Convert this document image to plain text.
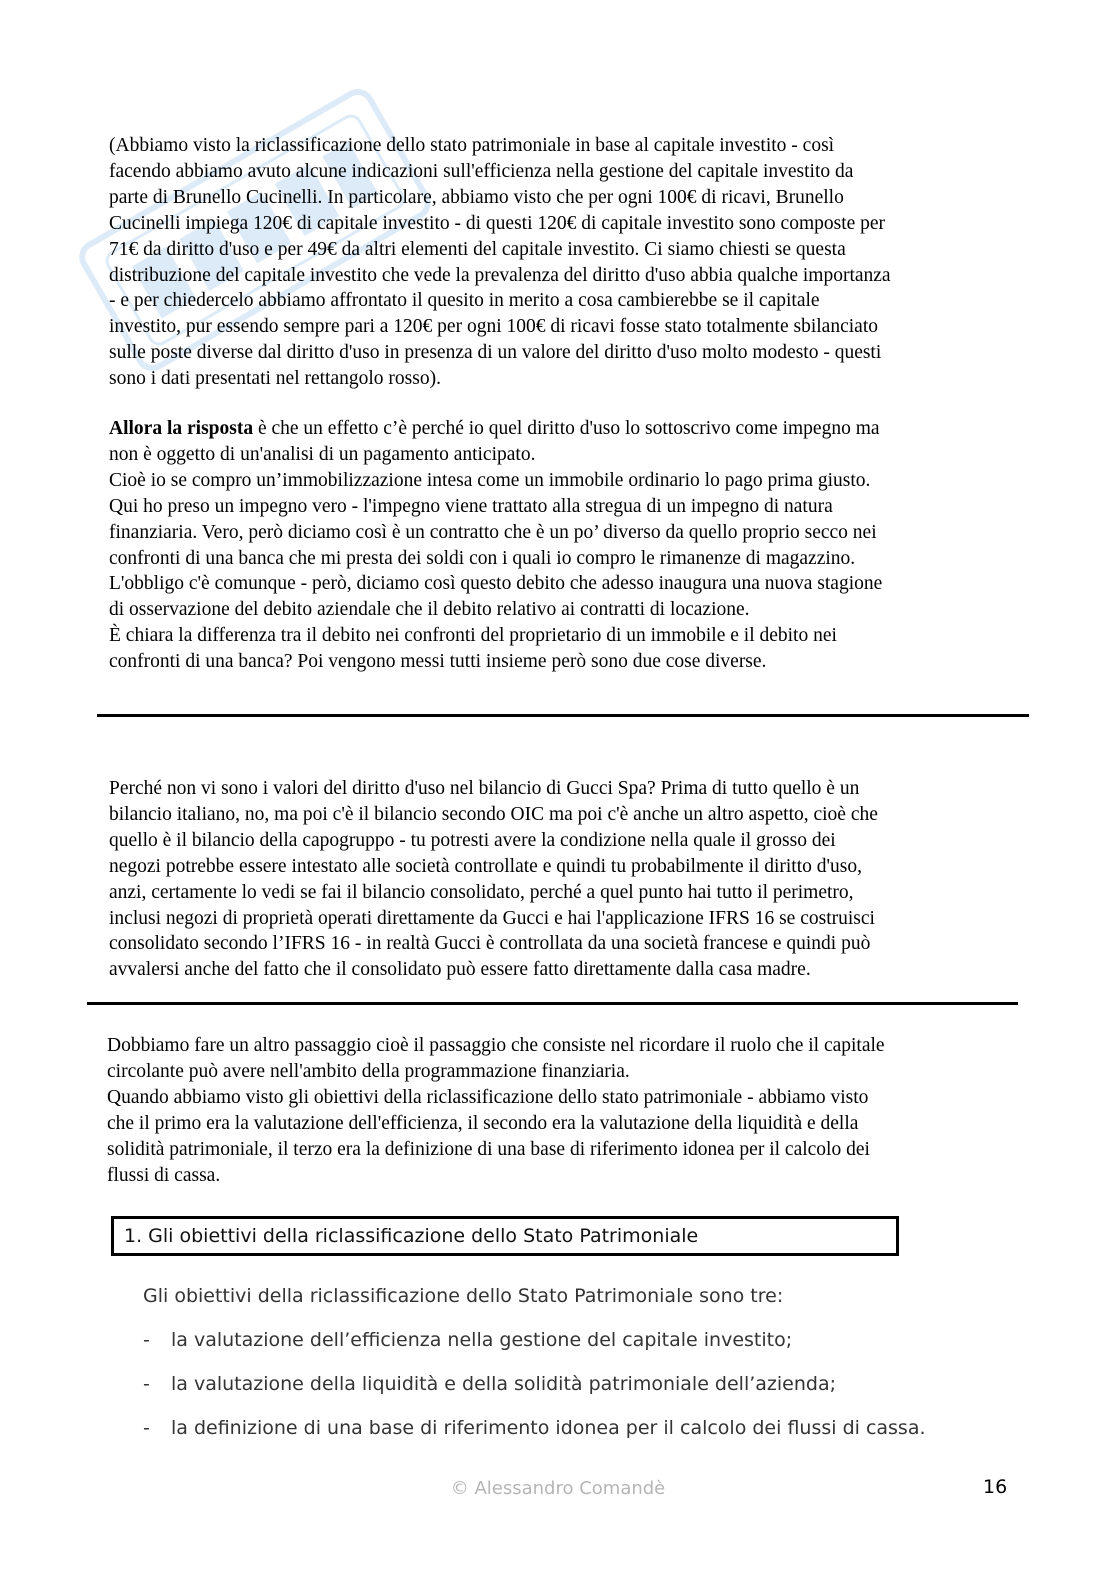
(Abbiamo visto la riclassificazione dello stato patrimoniale in base al capitale investito - così
facendo abbiamo avuto alcune indicazioni sull'efficienza nella gestione del capitale investito da
parte di Brunello Cucinelli. In particolare, abbiamo visto che per ogni 100€ di ricavi, Brunello
Cucinelli impiega 120€ di capitale investito - di questi 120€ di capitale investito sono composte per
71€ da diritto d'uso e per 49€ da altri elementi del capitale investito. Ci siamo chiesti se questa
distribuzione del capitale investito che vede la prevalenza del diritto d'uso abbia qualche importanza
- e per chiedercelo abbiamo affrontato il quesito in merito a cosa cambierebbe se il capitale
investito, pur essendo sempre pari a 120€ per ogni 100€ di ricavi fosse stato totalmente sbilanciato
sulle poste diverse dal diritto d'uso in presenza di un valore del diritto d'uso molto modesto - questi
sono i dati presentati nel rettangolo rosso).
Allora la risposta è che un effetto c’è perché io quel diritto d'uso lo sottoscrivo come impegno ma
non è oggetto di un'analisi di un pagamento anticipato.
Cioè io se compro un’immobilizzazione intesa come un immobile ordinario lo pago prima giusto.
Qui ho preso un impegno vero - l'impegno viene trattato alla stregua di un impegno di natura
finanziaria. Vero, però diciamo così è un contratto che è un po’ diverso da quello proprio secco nei
confronti di una banca che mi presta dei soldi con i quali io compro le rimanenze di magazzino.
L'obbligo c'è comunque - però, diciamo così questo debito che adesso inaugura una nuova stagione
di osservazione del debito aziendale che il debito relativo ai contratti di locazione.
È chiara la differenza tra il debito nei confronti del proprietario di un immobile e il debito nei
confronti di una banca? Poi vengono messi tutti insieme però sono due cose diverse.
Perché non vi sono i valori del diritto d'uso nel bilancio di Gucci Spa? Prima di tutto quello è un
bilancio italiano, no, ma poi c'è il bilancio secondo OIC ma poi c'è anche un altro aspetto, cioè che
quello è il bilancio della capogruppo - tu potresti avere la condizione nella quale il grosso dei
negozi potrebbe essere intestato alle società controllate e quindi tu probabilmente il diritto d'uso,
anzi, certamente lo vedi se fai il bilancio consolidato, perché a quel punto hai tutto il perimetro,
inclusi negozi di proprietà operati direttamente da Gucci e hai l'applicazione IFRS 16 se costruisci
consolidato secondo l’IFRS 16 - in realtà Gucci è controllata da una società francese e quindi può
avvalersi anche del fatto che il consolidato può essere fatto direttamente dalla casa madre.
Dobbiamo fare un altro passaggio cioè il passaggio che consiste nel ricordare il ruolo che il capitale
circolante può avere nell'ambito della programmazione finanziaria.
Quando abbiamo visto gli obiettivi della riclassificazione dello stato patrimoniale - abbiamo visto
che il primo era la valutazione dell'efficienza, il secondo era la valutazione della liquidità e della
solidità patrimoniale, il terzo era la definizione di una base di riferimento idonea per il calcolo dei
flussi di cassa.
1. Gli obiettivi della riclassificazione dello Stato Patrimoniale
Gli obiettivi della riclassificazione dello Stato Patrimoniale sono tre:
- la valutazione dell’efficienza nella gestione del capitale investito;
- la valutazione della liquidità e della solidità patrimoniale dell’azienda;
- la definizione di una base di riferimento idonea per il calcolo dei flussi di cassa.
© Alessandro Comandè	16
